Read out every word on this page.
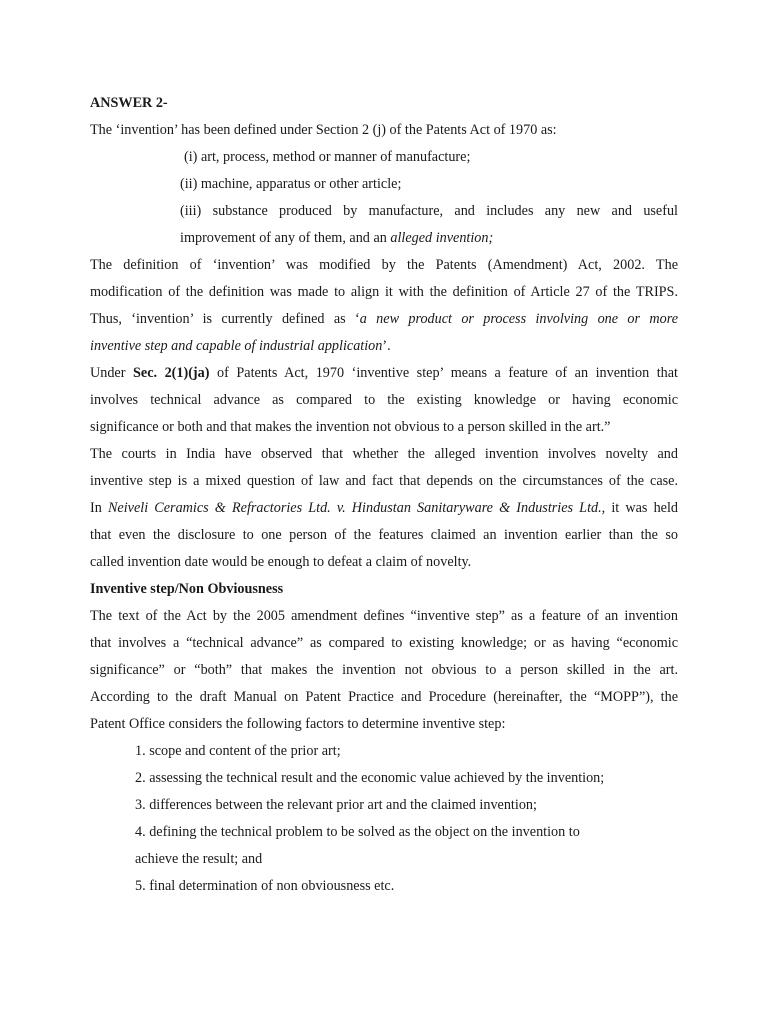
ANSWER 2-
The ‘invention’ has been defined under Section 2 (j) of the Patents Act of 1970 as:
(i) art, process, method or manner of manufacture;
(ii) machine, apparatus or other article;
(iii) substance produced by manufacture, and includes any new and useful
improvement of any of them, and an alleged invention;
The definition of ‘invention’ was modified by the Patents (Amendment) Act, 2002. The
modification of the definition was made to align it with the definition of Article 27 of the TRIPS.
Thus, ‘invention’ is currently defined as ‘a new product or process involving one or more
inventive step and capable of industrial application’.
Under Sec. 2(1)(ja) of Patents Act, 1970 ‘inventive step’ means a feature of an invention that
involves technical advance as compared to the existing knowledge or having economic
significance or both and that makes the invention not obvious to a person skilled in the art.”
The courts in India have observed that whether the alleged invention involves novelty and
inventive step is a mixed question of law and fact that depends on the circumstances of the case.
In Neiveli Ceramics & Refractories Ltd. v. Hindustan Sanitaryware & Industries Ltd., it was held
that even the disclosure to one person of the features claimed an invention earlier than the so
called invention date would be enough to defeat a claim of novelty.
Inventive step/Non Obviousness
The text of the Act by the 2005 amendment defines “inventive step” as a feature of an invention
that involves a “technical advance” as compared to existing knowledge; or as having “economic
significance” or “both” that makes the invention not obvious to a person skilled in the art.
According to the draft Manual on Patent Practice and Procedure (hereinafter, the “MOPP”), the
Patent Office considers the following factors to determine inventive step:
1. scope and content of the prior art;
2. assessing the technical result and the economic value achieved by the invention;
3. differences between the relevant prior art and the claimed invention;
4. defining the technical problem to be solved as the object on the invention to
achieve the result; and
5. final determination of non obviousness etc.
